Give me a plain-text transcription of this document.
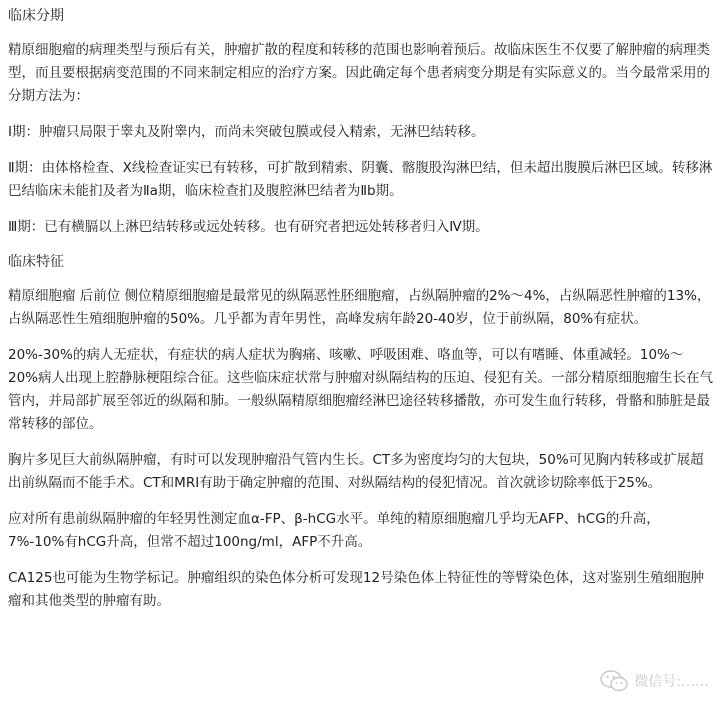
临床分期

精原细胞瘤的病理类型与预后有关，肿瘤扩散的程度和转移的范围也影响着预后。故临床医生不仅要了解肿瘤的病理类型，而且要根据病变范围的不同来制定相应的治疗方案。因此确定每个患者病变分期是有实际意义的。当今最常采用的分期方法为：

Ⅰ期：肿瘤只局限于睾丸及附睾内，而尚未突破包膜或侵入精索，无淋巴结转移。

Ⅱ期：由体格检查、X线检查证实已有转移，可扩散到精索、阴囊、髂腹股沟淋巴结，但未超出腹膜后淋巴区域。转移淋巴结临床未能扪及者为Ⅱa期，临床检查扪及腹腔淋巴结者为Ⅱb期。

Ⅲ期：已有横膈以上淋巴结转移或远处转移。也有研究者把远处转移者归入Ⅳ期。

临床特征

精原细胞瘤 后前位 侧位精原细胞瘤是最常见的纵隔恶性胚细胞瘤，占纵隔肿瘤的2%～4%，占纵隔恶性肿瘤的13%，占纵隔恶性生殖细胞肿瘤的50%。几乎都为青年男性，高峰发病年龄20-40岁，位于前纵隔，80%有症状。

20%-30%的病人无症状，有症状的病人症状为胸痛、咳嗽、呼吸困难、咯血等，可以有嗜睡、体重减轻。10%～20%病人出现上腔静脉梗阻综合征。这些临床症状常与肿瘤对纵隔结构的压迫、侵犯有关。一部分精原细胞瘤生长在气管内，并局部扩展至邻近的纵隔和肺。一般纵隔精原细胞瘤经淋巴途径转移播散，亦可发生血行转移，骨骼和肺脏是最常转移的部位。

胸片多见巨大前纵隔肿瘤，有时可以发现肿瘤沿气管内生长。CT多为密度均匀的大包块，50%可见胸内转移或扩展超出前纵隔而不能手术。CT和MRI有助于确定肿瘤的范围、对纵隔结构的侵犯情况。首次就诊切除率低于25%。

应对所有患前纵隔肿瘤的年轻男性测定血α-FP、β-hCG水平。单纯的精原细胞瘤几乎均无AFP、hCG的升高，7%-10%有hCG升高，但常不超过100ng/ml，AFP不升高。

CA125也可能为生物学标记。肿瘤组织的染色体分析可发现12号染色体上特征性的等臂染色体，这对鉴别生殖细胞肿瘤和其他类型的肿瘤有助。

微信号:……
